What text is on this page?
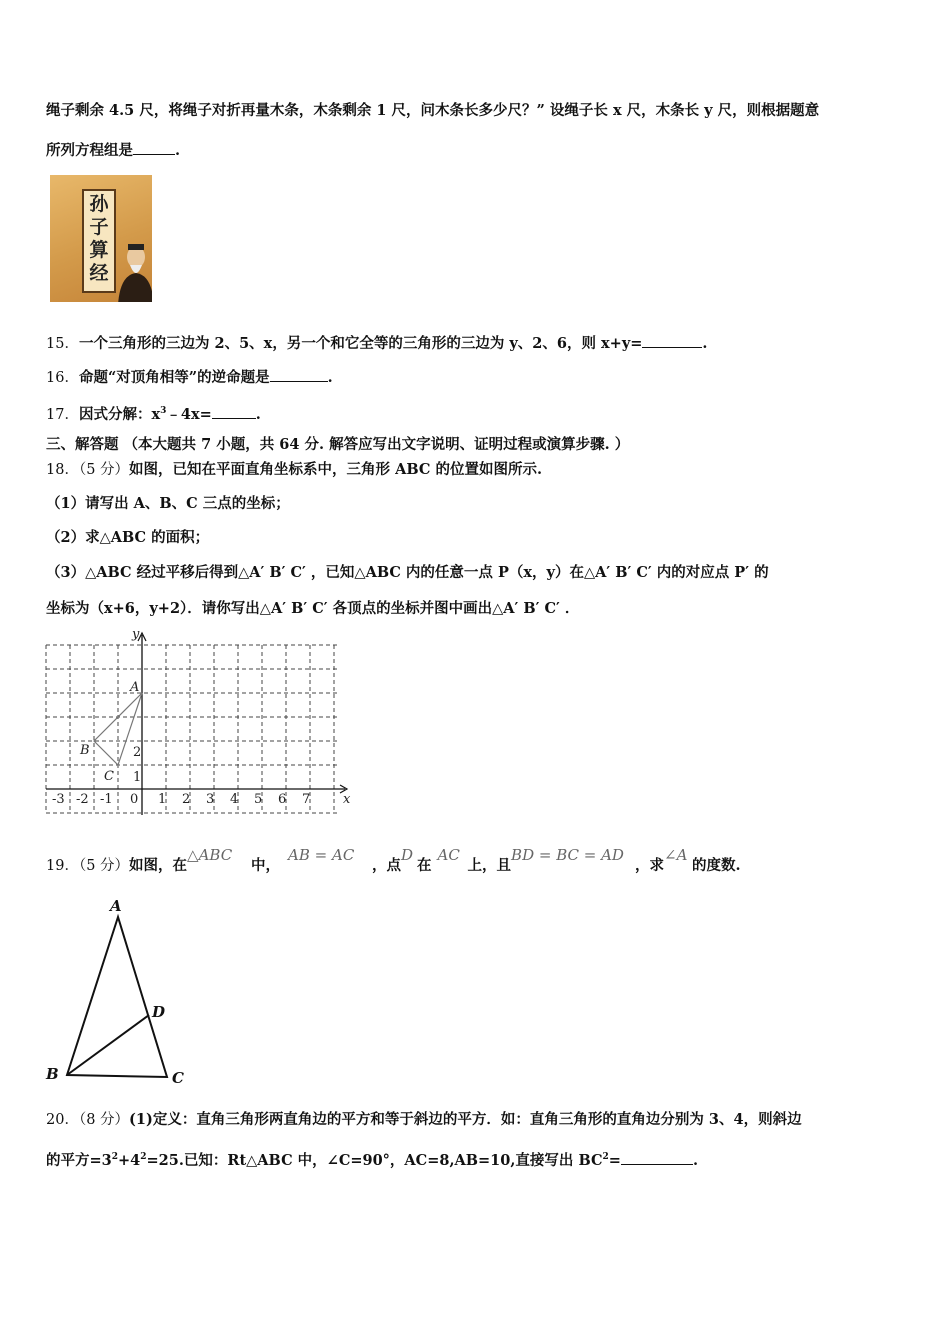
绳子剩余 4.5 尺，将绳子对折再量木条，木条剩余 1 尺，问木条长多少尺？” 设绳子长 x 尺，木条长 y 尺，则根据题意
所列方程组是	.
孙子算经
15．一个三角形的三边为 2、5、x，另一个和它全等的三角形的三边为 y、2、6，则 x+y=	.
16．命题“对顶角相等”的逆命题是	.
17．因式分解：$x^3﹣4x=$	.
三、解答题 （本大题共 7 小题，共 64 分. 解答应写出文字说明、证明过程或演算步骤. ）
18．（5 分）如图，已知在平面直角坐标系中，三角形 ABC 的位置如图所示.
（1）请写出 A、B、C 三点的坐标；
（2）求△ABC 的面积；
（3）△ABC 经过平移后得到△A′ B′ C′ ，已知△ABC 内的任意一点 P（x，y）在△A′ B′ C′ 内的对应点 P′ 的
坐标为（x+6，y+2）．请你写出△A′ B′ C′ 各顶点的坐标并图中画出△A′ B′ C′ ．
-3 -2 -1 0 1 2 3 4 5 6 7
1
2
x
y
A
B
C
19．（5 分）如图，在△ABC中，AB = AC，点D在AC上，且BD = BC = AD，求∠A的度数.
A
B	C
D
20．（8 分）(1)定义：直角三角形两直角边的平方和等于斜边的平方．如：直角三角形的直角边分别为 3、4，则斜边
的平方$=3^2+4^2=25$.已知：Rt△ABC 中，∠C=90°，AC=8,AB=10,直接写出 $BC^2=$	.
